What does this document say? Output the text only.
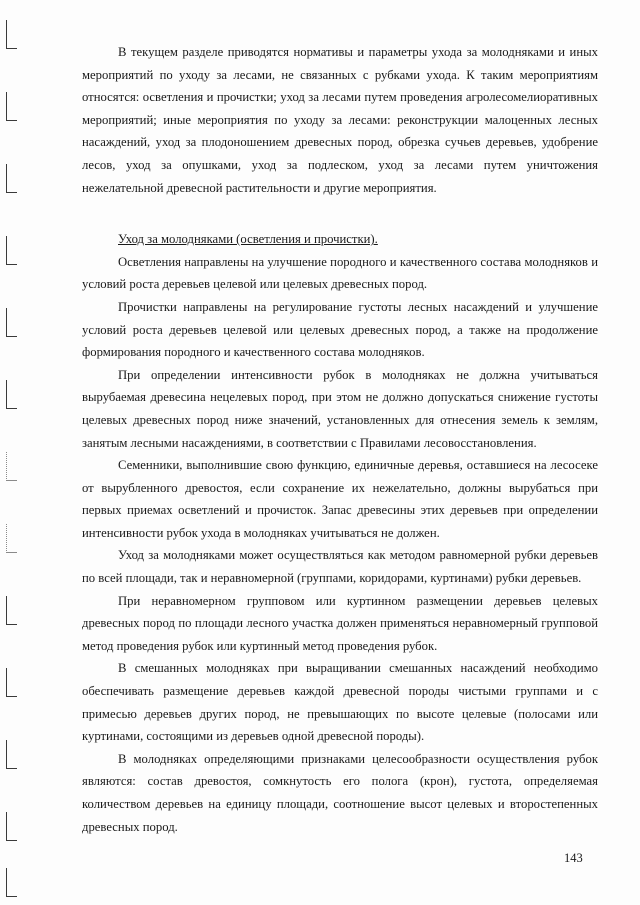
В текущем разделе приводятся нормативы и параметры ухода за молодняками и иных мероприятий по уходу за лесами, не связанных с рубками ухода. К таким мероприятиям относятся: осветления и прочистки; уход за лесами путем проведения агролесомелиоративных мероприятий; иные мероприятия по уходу за лесами: реконструкции малоценных лесных насаждений, уход за плодоношением древесных пород, обрезка сучьев деревьев, удобрение лесов, уход за опушками, уход за подлеском, уход за лесами путем уничтожения нежелательной древесной растительности и другие мероприятия.

Уход за молодняками (осветления и прочистки).

Осветления направлены на улучшение породного и качественного состава молодняков и условий роста деревьев целевой или целевых древесных пород.

Прочистки направлены на регулирование густоты лесных насаждений и улучшение условий роста деревьев целевой или целевых древесных пород, а также на продолжение формирования породного и качественного состава молодняков.

При определении интенсивности рубок в молодняках не должна учитываться вырубаемая древесина нецелевых пород, при этом не должно допускаться снижение густоты целевых древесных пород ниже значений, установленных для отнесения земель к землям, занятым лесными насаждениями, в соответствии с Правилами лесовосстановления.

Семенники, выполнившие свою функцию, единичные деревья, оставшиеся на лесосеке от вырубленного древостоя, если сохранение их нежелательно, должны вырубаться при первых приемах осветлений и прочисток. Запас древесины этих деревьев при определении интенсивности рубок ухода в молодняках учитываться не должен.

Уход за молодняками может осуществляться как методом равномерной рубки деревьев по всей площади, так и неравномерной (группами, коридорами, куртинами) рубки деревьев.

При неравномерном групповом или куртинном размещении деревьев целевых древесных пород по площади лесного участка должен применяться неравномерный групповой метод проведения рубок или куртинный метод проведения рубок.

В смешанных молодняках при выращивании смешанных насаждений необходимо обеспечивать размещение деревьев каждой древесной породы чистыми группами и с примесью деревьев других пород, не превышающих по высоте целевые (полосами или куртинами, состоящими из деревьев одной древесной породы).

В молодняках определяющими признаками целесообразности осуществления рубок являются: состав древостоя, сомкнутость его полога (крон), густота, определяемая количеством деревьев на единицу площади, соотношение высот целевых и второстепенных древесных пород.

143
